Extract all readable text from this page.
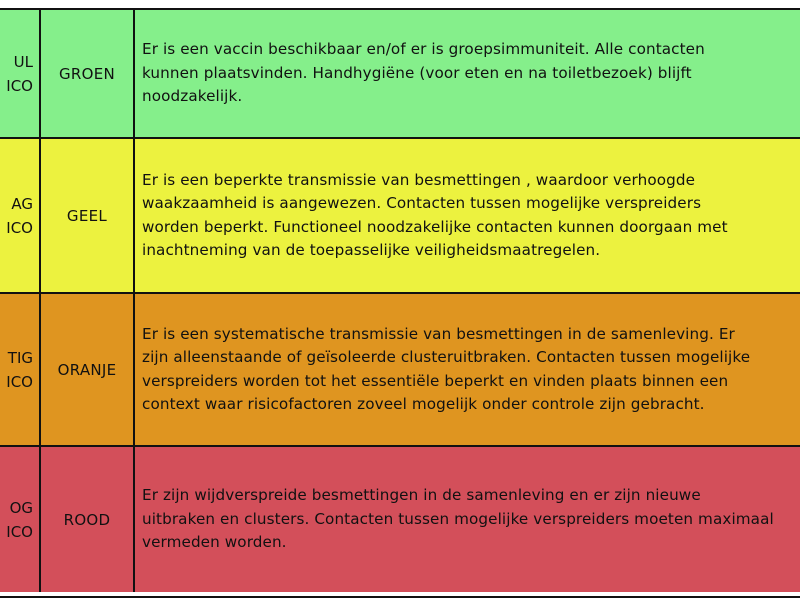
UL
ICO
GROEN
Er is een vaccin beschikbaar en/of er is groepsimmuniteit. Alle contacten
kunnen plaatsvinden. Handhygiëne (voor eten en na toiletbezoek) blijft
noodzakelijk.
AG
ICO
GEEL
Er is een beperkte transmissie van besmettingen , waardoor verhoogde
waakzaamheid is aangewezen. Contacten tussen mogelijke verspreiders
worden beperkt. Functioneel noodzakelijke contacten kunnen doorgaan met
inachtneming van de toepasselijke veiligheidsmaatregelen.
TIG
ICO
ORANJE
Er is een systematische transmissie van besmettingen in de samenleving. Er
zijn alleenstaande of geïsoleerde clusteruitbraken. Contacten tussen mogelijke
verspreiders worden tot het essentiële beperkt en vinden plaats binnen een
context waar risicofactoren zoveel mogelijk onder controle zijn gebracht.
OG
ICO
ROOD
Er zijn wijdverspreide besmettingen in de samenleving en er zijn nieuwe
uitbraken en clusters. Contacten tussen mogelijke verspreiders moeten maximaal
vermeden worden.
